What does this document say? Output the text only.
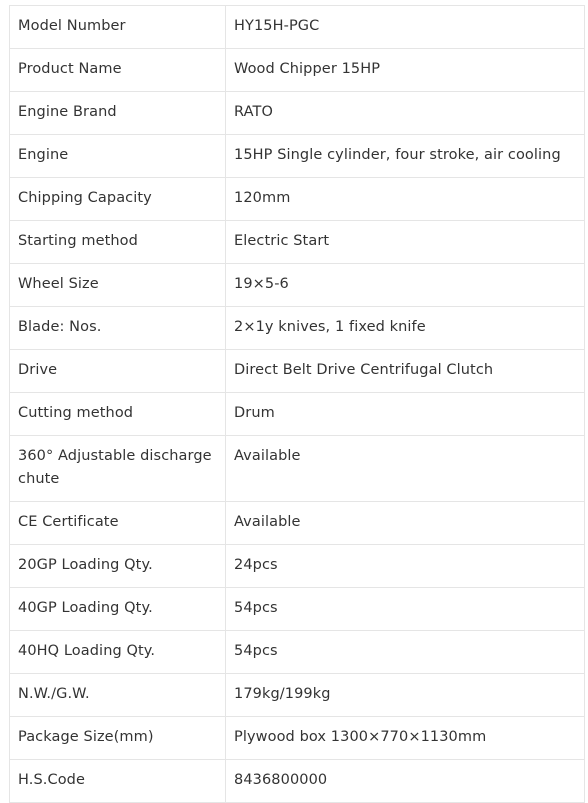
Model Number	HY15H-PGC
Product Name	Wood Chipper 15HP
Engine Brand	RATO
Engine	15HP Single cylinder, four stroke, air cooling
Chipping Capacity	120mm
Starting method	Electric Start
Wheel Size	19×5-6
Blade: Nos.	2×1y knives, 1 fixed knife
Drive	Direct Belt Drive Centrifugal Clutch
Cutting method	Drum
360° Adjustable discharge chute	Available
CE Certificate	Available
20GP Loading Qty.	24pcs
40GP Loading Qty.	54pcs
40HQ Loading Qty.	54pcs
N.W./G.W.	179kg/199kg
Package Size(mm)	Plywood box 1300×770×1130mm
H.S.Code	8436800000
